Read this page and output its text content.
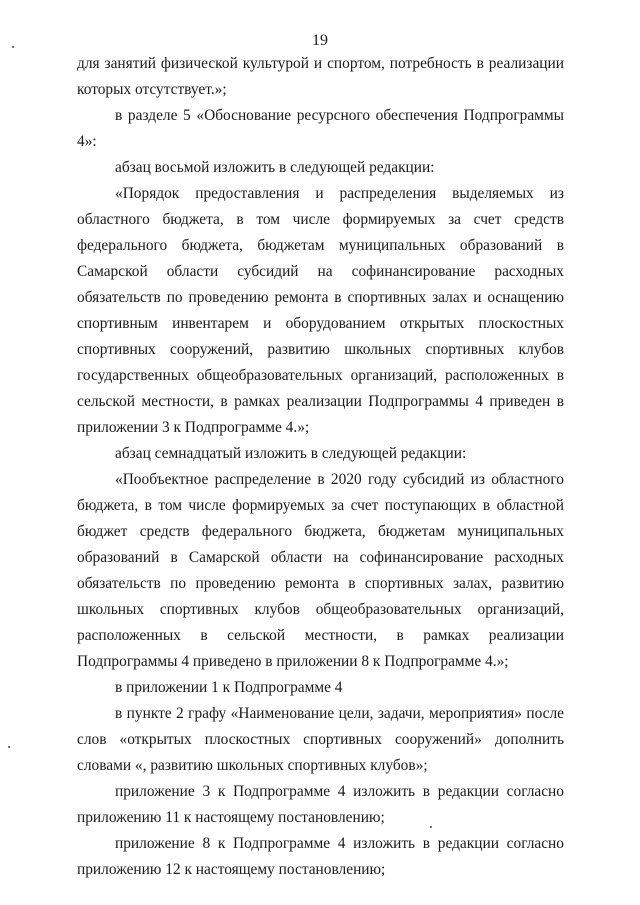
19

для занятий физической культурой и спортом, потребность в реализации которых отсутствует.»;

в разделе 5 «Обоснование ресурсного обеспечения Подпрограммы 4»:

абзац восьмой изложить в следующей редакции:

«Порядок предоставления и распределения выделяемых из областного бюджета, в том числе формируемых за счет средств федерального бюджета, бюджетам муниципальных образований в Самарской области субсидий на софинансирование расходных обязательств по проведению ремонта в спортивных залах и оснащению спортивным инвентарем и оборудованием открытых плоскостных спортивных сооружений, развитию школьных спортивных клубов государственных общеобразовательных организаций, расположенных в сельской местности, в рамках реализации Подпрограммы 4 приведен в приложении 3 к Подпрограмме 4.»;

абзац семнадцатый изложить в следующей редакции:

«Пообъектное распределение в 2020 году субсидий из областного бюджета, в том числе формируемых за счет поступающих в областной бюджет средств федерального бюджета, бюджетам муниципальных образований в Самарской области на софинансирование расходных обязательств по проведению ремонта в спортивных залах, развитию школьных спортивных клубов общеобразовательных организаций, расположенных в сельской местности, в рамках реализации Подпрограммы 4 приведено в приложении 8 к Подпрограмме 4.»;

в приложении 1 к Подпрограмме 4

в пункте 2 графу «Наименование цели, задачи, мероприятия» после слов «открытых плоскостных спортивных сооружений» дополнить словами «, развитию школьных спортивных клубов»;

приложение 3 к Подпрограмме 4 изложить в редакции согласно приложению 11 к настоящему постановлению;

приложение 8 к Подпрограмме 4 изложить в редакции согласно приложению 12 к настоящему постановлению;
